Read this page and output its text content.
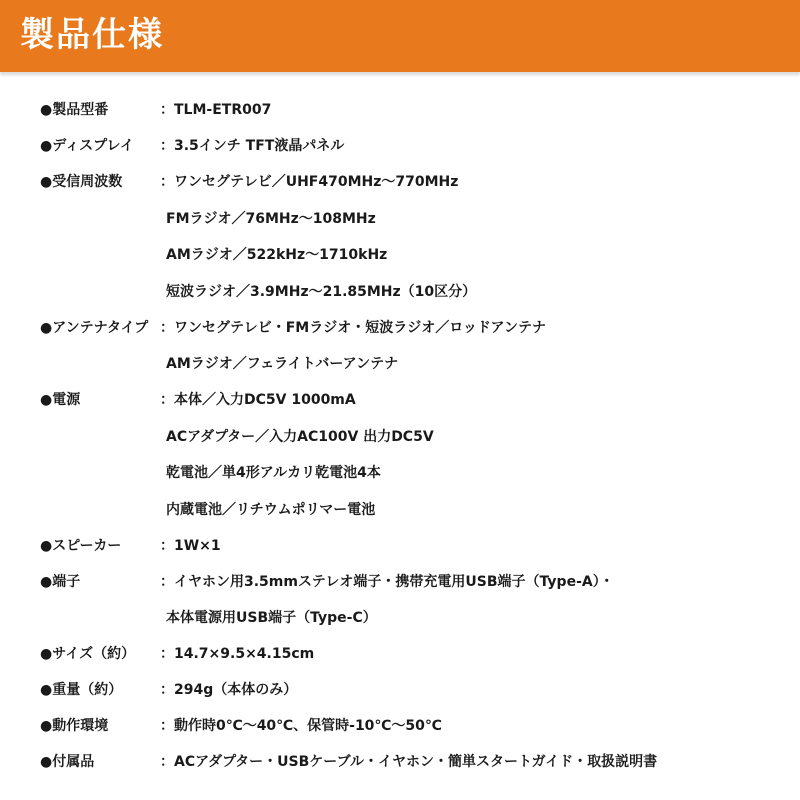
製品仕様
●製品型番	：TLM-ETR007
●ディスプレイ	：3.5インチ TFT液晶パネル
●受信周波数	：ワンセグテレビ／UHF470MHz～770MHz
FMラジオ／76MHz～108MHz
AMラジオ／522kHz～1710kHz
短波ラジオ／3.9MHz～21.85MHz（10区分）
●アンテナタイプ ：ワンセグテレビ・FMラジオ・短波ラジオ／ロッドアンテナ
AMラジオ／フェライトバーアンテナ
●電源	：本体／入力DC5V 1000mA
ACアダプター／入力AC100V 出力DC5V
乾電池／単4形アルカリ乾電池4本
内蔵電池／リチウムポリマー電池
●スピーカー	：1W×1
●端子	：イヤホン用3.5mmステレオ端子・携帯充電用USB端子（Type-A）・
本体電源用USB端子（Type-C）
●サイズ（約）	：14.7×9.5×4.15cm
●重量（約）	：294g（本体のみ）
●動作環境	：動作時0℃～40℃、保管時-10℃～50℃
●付属品	：ACアダプター・USBケーブル・イヤホン・簡単スタートガイド・取扱説明書
